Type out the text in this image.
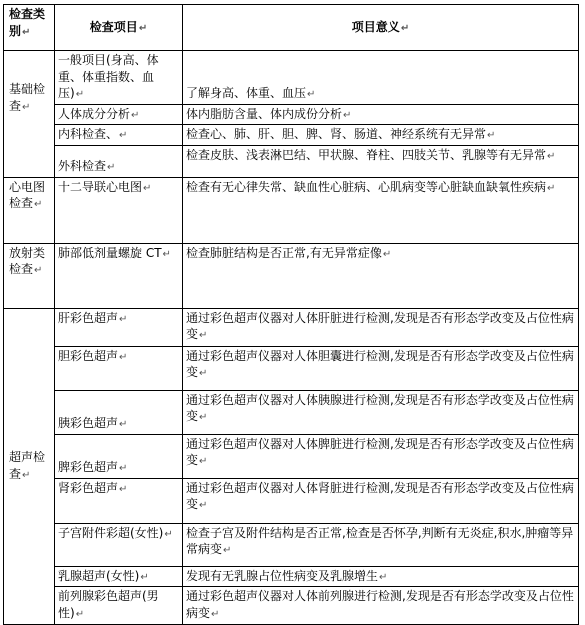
检查类别↵	检查项目↵	项目意义↵
基础检查↵	一般项目(身高、体重、体重指数、血压)↵	了解身高、体重、血压↵
	人体成分分析↵	体内脂肪含量、体内成份分析↵
	内科检查、↵	检查心、肺、肝、胆、脾、肾、肠道、神经系统有无异常↵
	外科检查↵	检查皮肤、浅表淋巴结、甲状腺、脊柱、四肢关节、乳腺等有无异常↵
心电图检查↵	十二导联心电图↵	检查有无心律失常、缺血性心脏病、心肌病变等心脏缺血缺氧性疾病↵
放射类检查↵	肺部低剂量螺旋 CT↵	检查肺脏结构是否正常,有无异常症像↵
超声检查↵	肝彩色超声↵	通过彩色超声仪器对人体肝脏进行检测,发现是否有形态学改变及占位性病变↵
	胆彩色超声↵	通过彩色超声仪器对人体胆囊进行检测,发现是否有形态学改变及占位性病变↵
	胰彩色超声↵	通过彩色超声仪器对人体胰腺进行检测,发现是否有形态学改变及占位性病变↵
	脾彩色超声↵	通过彩色超声仪器对人体脾脏进行检测,发现是否有形态学改变及占位性病变↵
	肾彩色超声↵	通过彩色超声仪器对人体肾脏进行检测,发现是否有形态学改变及占位性病变↵
	子宫附件彩超(女性)↵	检查子宫及附件结构是否正常,检查是否怀孕,判断有无炎症,积水,肿瘤等异常病变↵
	乳腺超声(女性)↵	发现有无乳腺占位性病变及乳腺增生↵
	前列腺彩色超声(男性)↵	通过彩色超声仪器对人体前列腺进行检测,发现是否有形态学改变及占位性病变↵
